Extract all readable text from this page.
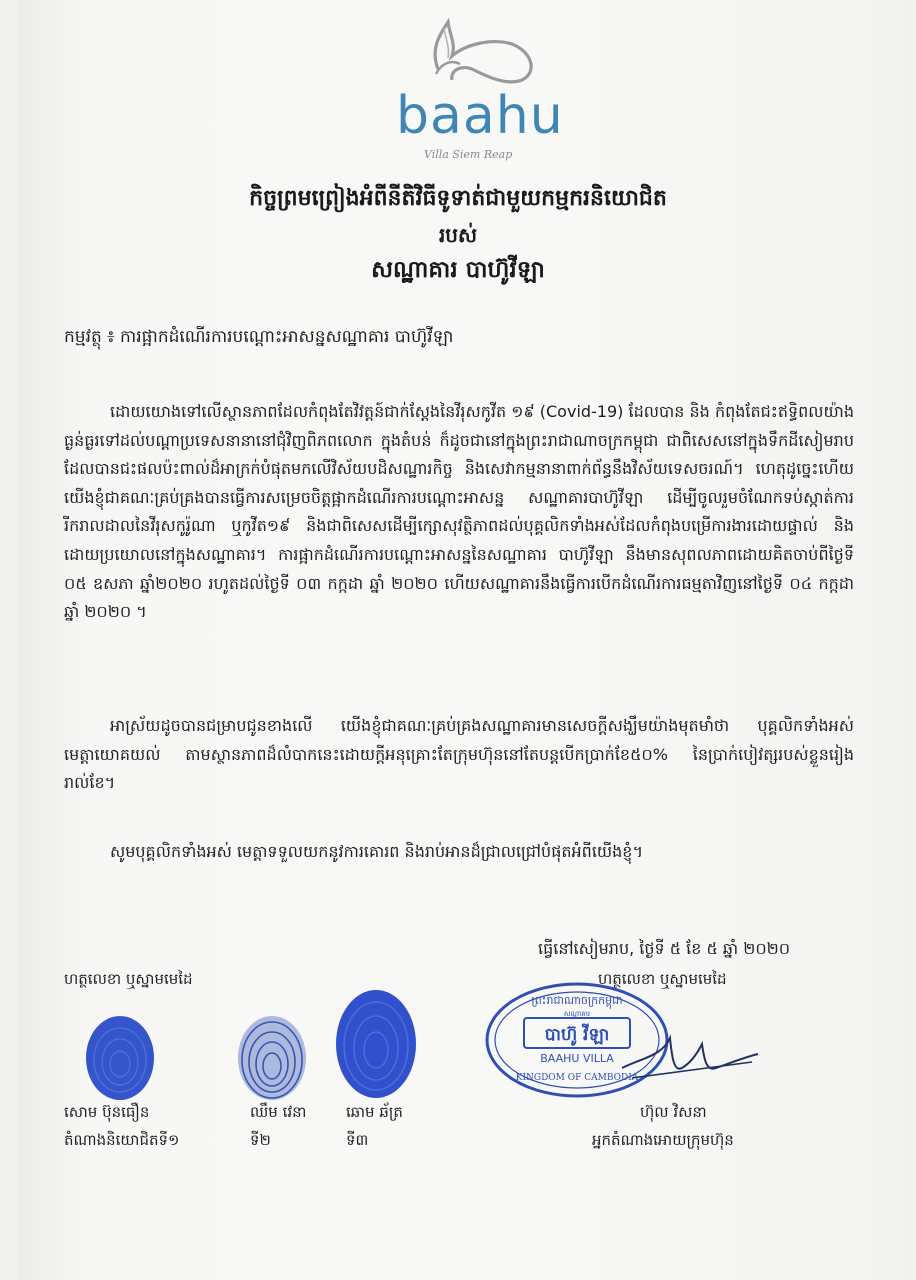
baahu
Villa Siem Reap
កិច្ចព្រមព្រៀងអំពីនីតិវិធីទូទាត់ជាមួយកម្មករនិយោជិត
របស់
សណ្ឋាគារ បាហ៊ូវីឡា
កម្មវត្ថុ ៖ ការផ្អាកដំណើរការបណ្តោះអាសន្នសណ្ឋាគារ បាហ៊ូវីឡា
ដោយយោងទៅលើស្ថានភាពដែលកំពុងតែវិវត្តន៍ជាក់ស្តែងនៃវីរុសកូវីត ១៩ (Covid-19) ដែលបាន និង កំពុងតែជះឥទ្ធិពលយ៉ាងធ្ងន់ធ្ងរទៅដល់បណ្តាប្រទេសនានានៅជុំវិញពិភពលោក ក្នុងតំបន់ ក៏ដូចជានៅក្នុងព្រះរាជាណាចក្រកម្ពុជា ជាពិសេសនៅក្នុងទឹកដីសៀមរាប ដែលបានជះផលប៉ះពាល់ដ៏អាក្រក់បំផុតមកលើវិស័យបដិសណ្ឋារកិច្ច និងសេវាកម្មនានាពាក់ព័ន្ធនឹងវិស័យទេសចរណ៍។ ហេតុដូច្នេះហើយ យើងខ្ញុំជាគណៈគ្រប់គ្រងបានធ្វើការសម្រេចចិត្តផ្អាកដំណើរការបណ្តោះអាសន្ន សណ្ឋាគារបាហ៊ូវីឡា ដើម្បីចូលរួមចំណែកទប់ស្កាត់ការរីករាលដាលនៃវីរុសកូរ៉ូណា ឬកូវីត១៩ និងជាពិសេសដើម្បីក្សោសុវត្ថិភាពដល់បុគ្គលិកទាំងអស់ដែលកំពុងបម្រើការងារដោយផ្ទាល់ និងដោយប្រយោលនៅក្នុងសណ្ឋាគារ។ ការផ្អាកដំណើរការបណ្តោះអាសន្ននៃសណ្ឋាគារ បាហ៊ូវីឡា នឹងមានសុពលភាពដោយគិតចាប់ពីថ្ងៃទី ០៥ ឧសភា ឆ្នាំ២០២០ រហូតដល់ថ្ងៃទី ០៣ កក្កដា ឆ្នាំ ២០២០ ហើយសណ្ឋាគារនឹងធ្វើការបើកដំណើរការធម្មតាវិញនៅថ្ងៃទី ០៤ កក្កដា ឆ្នាំ ២០២០ ។
អាស្រ័យដូចបានជម្រាបជូនខាងលើ យើងខ្ញុំជាគណៈគ្រប់គ្រងសណ្ឋាគារមានសេចក្តីសង្ឃឹមយ៉ាងមុតមាំថា បុគ្គលិកទាំងអស់មេត្តាយោគយល់ តាមស្ថានភាពដ៏លំបាកនេះដោយក្តីអនុគ្រោះតែក្រុមហ៊ុននៅតែបន្តបើកប្រាក់ខែ៥០% នៃប្រាក់បៀវត្សរបស់ខ្លួនរៀងរាល់ខែ។
សូមបុគ្គលិកទាំងអស់ មេត្តាទទួលយកនូវការគោរព និងរាប់អានដ៏ជ្រាលជ្រៅបំផុតអំពីយើងខ្ញុំ។
ធ្វើនៅសៀមរាប, ថ្ងៃទី ៥ ខែ ៥ ឆ្នាំ ២០២០
ហត្ថលេខា ឬស្នាមមេដៃ	ហត្ថលេខា ឬស្នាមមេដៃ
សោម ប៊ុនធឿន
តំណាងនិយោជិតទី១
ឈឹម វេនា
ទី២
ឆោម ឆ័ត្រ
ទី៣
ព្រះរាជាណាចក្រកម្ពុជា
សណ្ឋាគារ
បាហ៊ូ វីឡា
BAAHU VILLA
KINGDOM OF CAMBODIA
ហ៊ុល វិសនា
អ្នកតំណាងអោយក្រុមហ៊ុន
